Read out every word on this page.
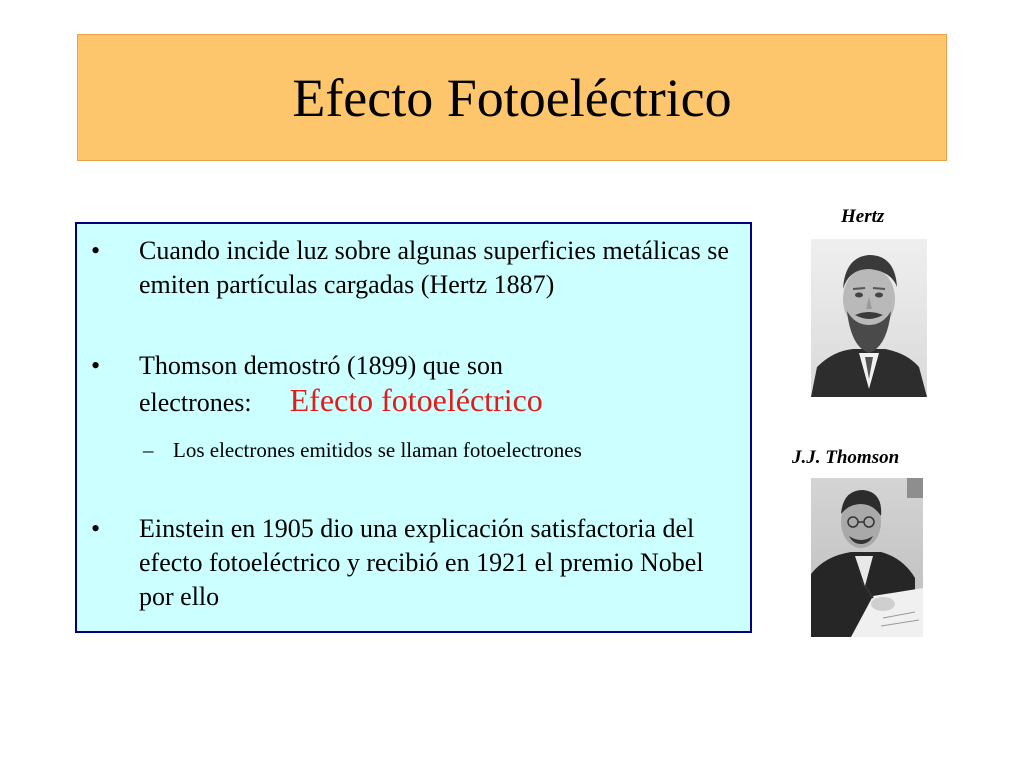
Efecto Fotoeléctrico
• Cuando incide luz sobre algunas superficies metálicas se emiten partículas cargadas (Hertz 1887)
• Thomson demostró (1899) que son electrones: Efecto fotoeléctrico
– Los electrones emitidos se llaman fotoelectrones
• Einstein en 1905 dio una explicación satisfactoria del efecto fotoeléctrico y recibió en 1921 el premio Nobel por ello
Hertz
J.J. Thomson
